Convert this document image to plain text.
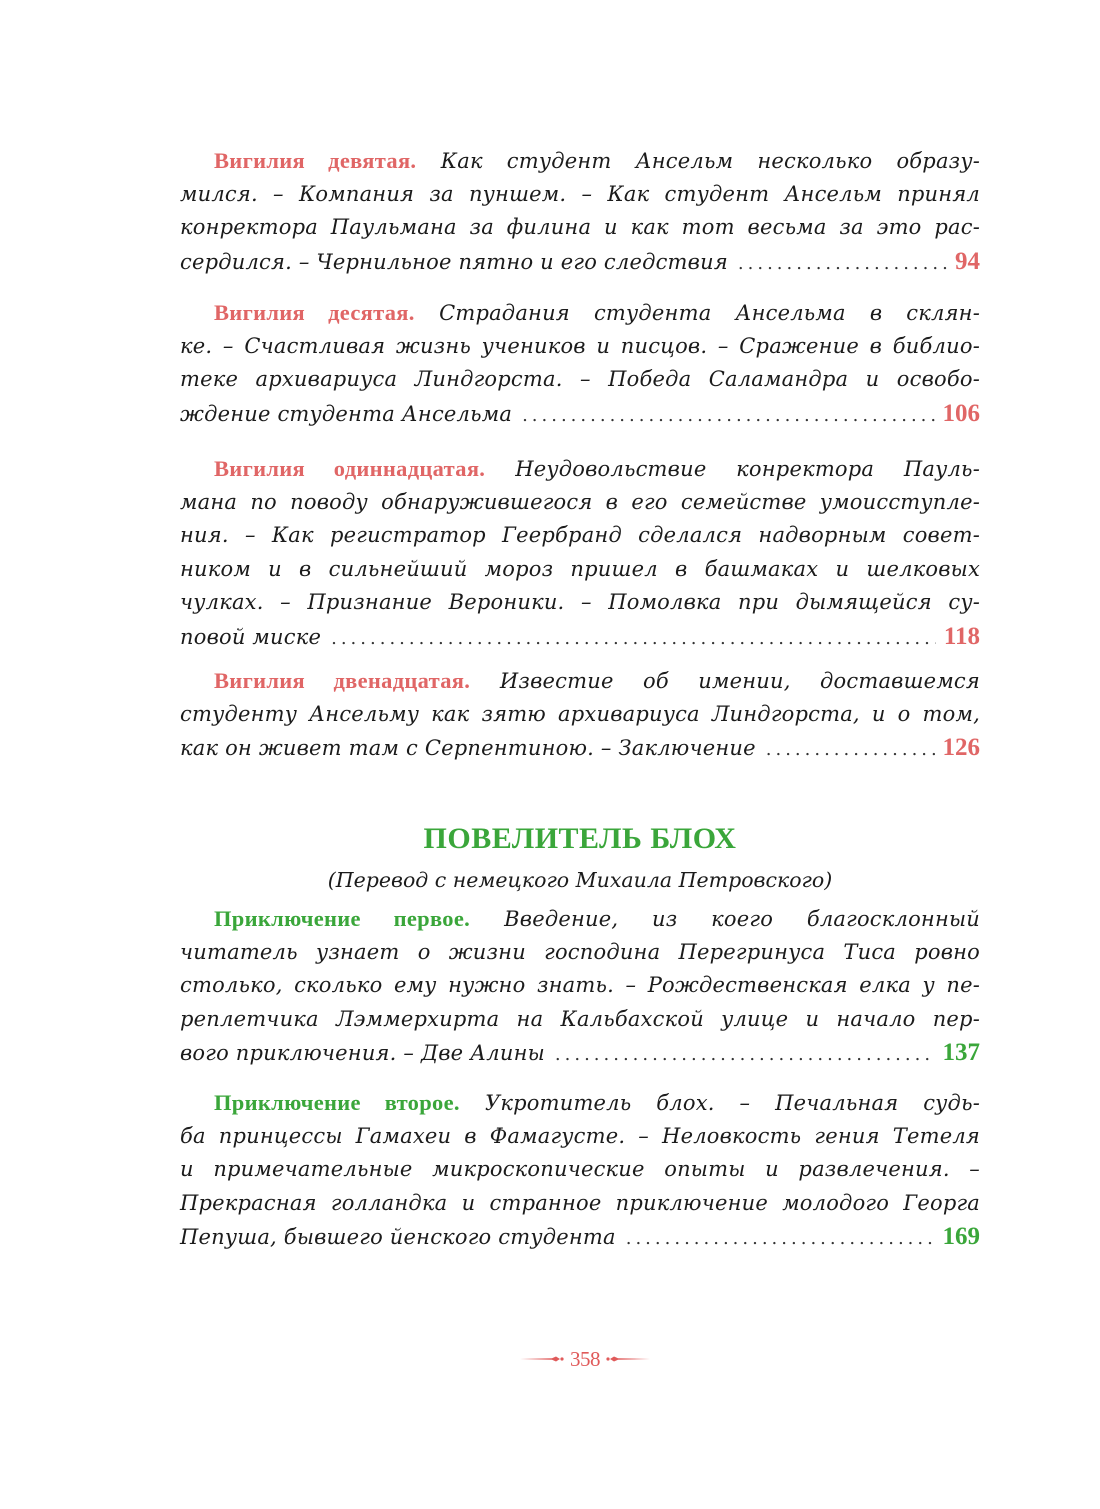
Вигилия девятая. Как студент Ансельм несколько образу-
мился. – Компания за пуншем. – Как студент Ансельм принял
конректора Паульмана за филина и как тот весьма за это рас-
сердился. – Чернильное пятно и его следствия .....	94
Вигилия десятая. Страдания студента Ансельма в склян-
ке. – Счастливая жизнь учеников и писцов. – Сражение в библио-
теке архивариуса Линдгорста. – Победа Саламандра и освобо-
ждение студента Ансельма .....	106
Вигилия одиннадцатая. Неудовольствие конректора Пауль-
мана по поводу обнаружившегося в его семействе умоисступле-
ния. – Как регистратор Геербранд сделался надворным совет-
ником и в сильнейший мороз пришел в башмаках и шелковых
чулках. – Признание Вероники. – Помолвка при дымящейся су-
повой миске .....	118
Вигилия двенадцатая. Известие об имении, доставшемся
студенту Ансельму как зятю архивариуса Линдгорста, и о том,
как он живет там с Серпентиною. – Заключение .....	126
ПОВЕЛИТЕЛЬ БЛОХ
(Перевод с немецкого Михаила Петровского)
Приключение первое. Введение, из коего благосклонный
читатель узнает о жизни господина Перегринуса Тиса ровно
столько, сколько ему нужно знать. – Рождественская елка у пе-
реплетчика Лэммерхирта на Кальбахской улице и начало пер-
вого приключения. – Две Алины .....	137
Приключение второе. Укротитель блох. – Печальная судь-
ба принцессы Гамахеи в Фамагусте. – Неловкость гения Тетеля
и примечательные микроскопические опыты и развлечения. –
Прекрасная голландка и странное приключение молодого Георга
Пепуша, бывшего йенского студента .....	169
358
